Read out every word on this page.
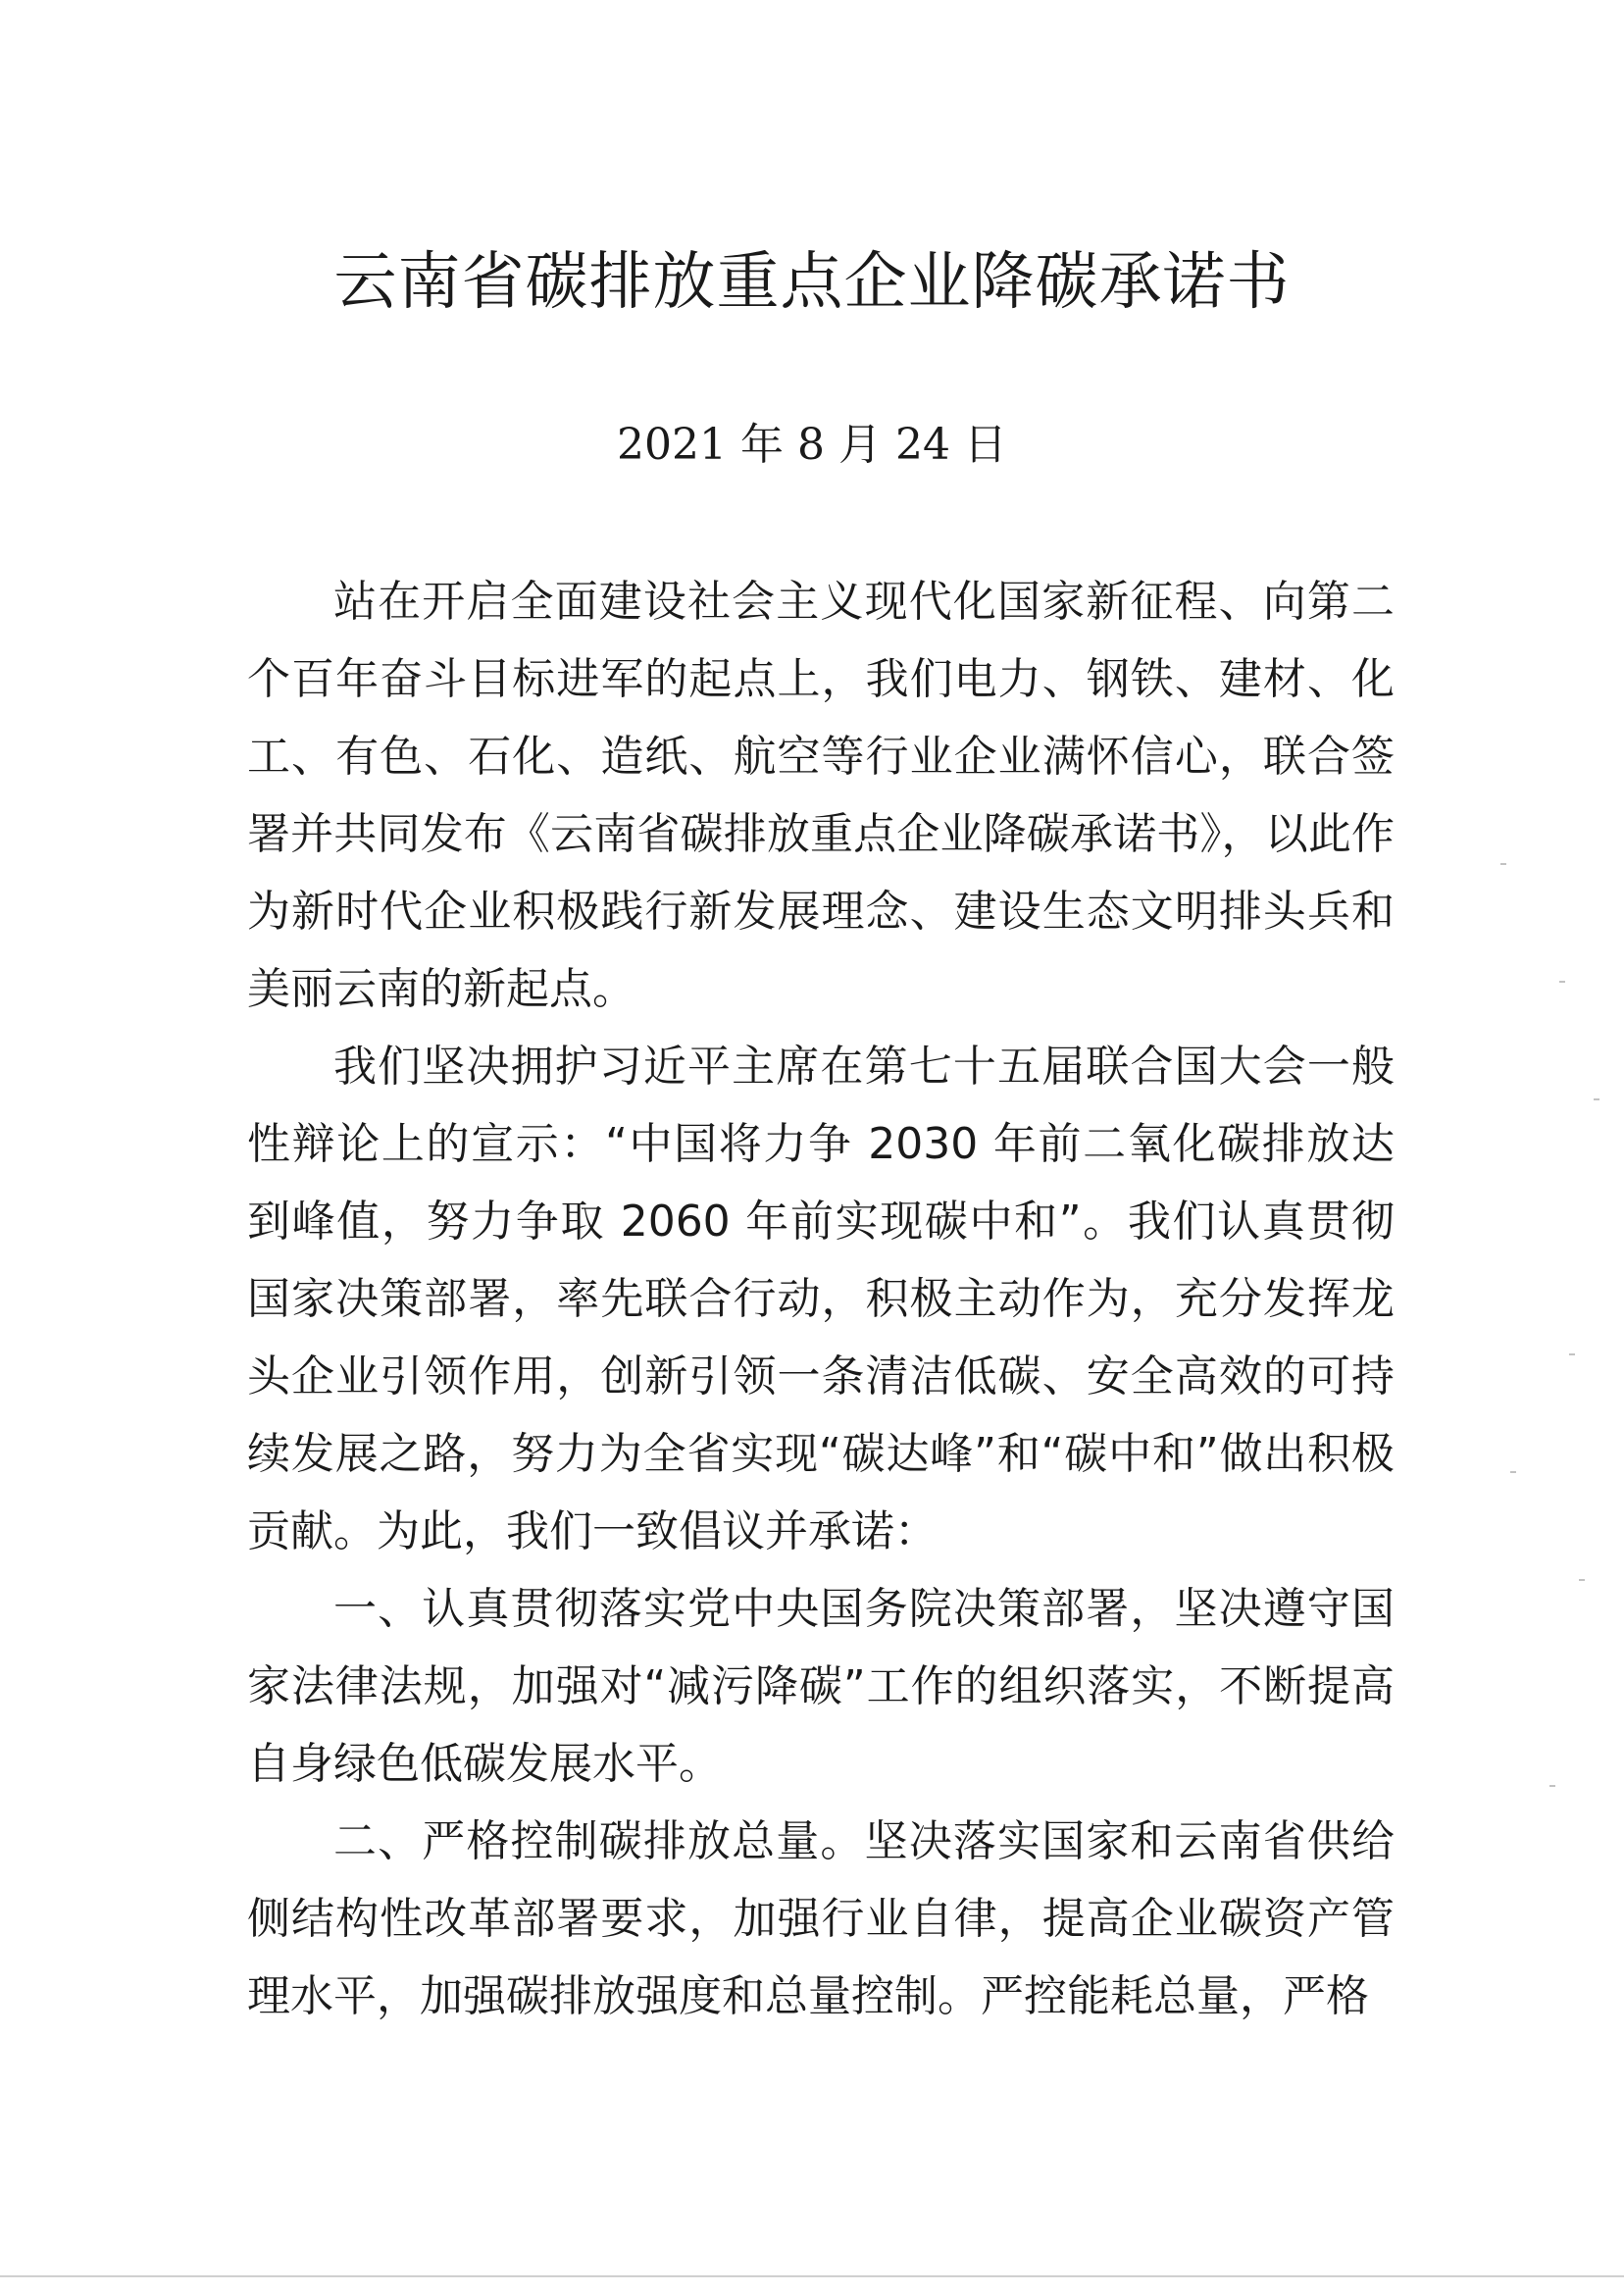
云南省碳排放重点企业降碳承诺书
2021 年 8 月 24 日

站在开启全面建设社会主义现代化国家新征程、向第二个百年奋斗目标进军的起点上，我们电力、钢铁、建材、化工、有色、石化、造纸、航空等行业企业满怀信心，联合签署并共同发布《云南省碳排放重点企业降碳承诺书》，以此作为新时代企业积极践行新发展理念、建设生态文明排头兵和美丽云南的新起点。

我们坚决拥护习近平主席在第七十五届联合国大会一般性辩论上的宣示：“中国将力争 2030 年前二氧化碳排放达到峰值，努力争取 2060 年前实现碳中和”。我们认真贯彻国家决策部署，率先联合行动，积极主动作为，充分发挥龙头企业引领作用，创新引领一条清洁低碳、安全高效的可持续发展之路，努力为全省实现“碳达峰”和“碳中和”做出积极贡献。为此，我们一致倡议并承诺：

一、认真贯彻落实党中央国务院决策部署，坚决遵守国家法律法规，加强对“减污降碳”工作的组织落实，不断提高自身绿色低碳发展水平。

二、严格控制碳排放总量。坚决落实国家和云南省供给侧结构性改革部署要求，加强行业自律，提高企业碳资产管理水平，加强碳排放强度和总量控制。严控能耗总量，严格
